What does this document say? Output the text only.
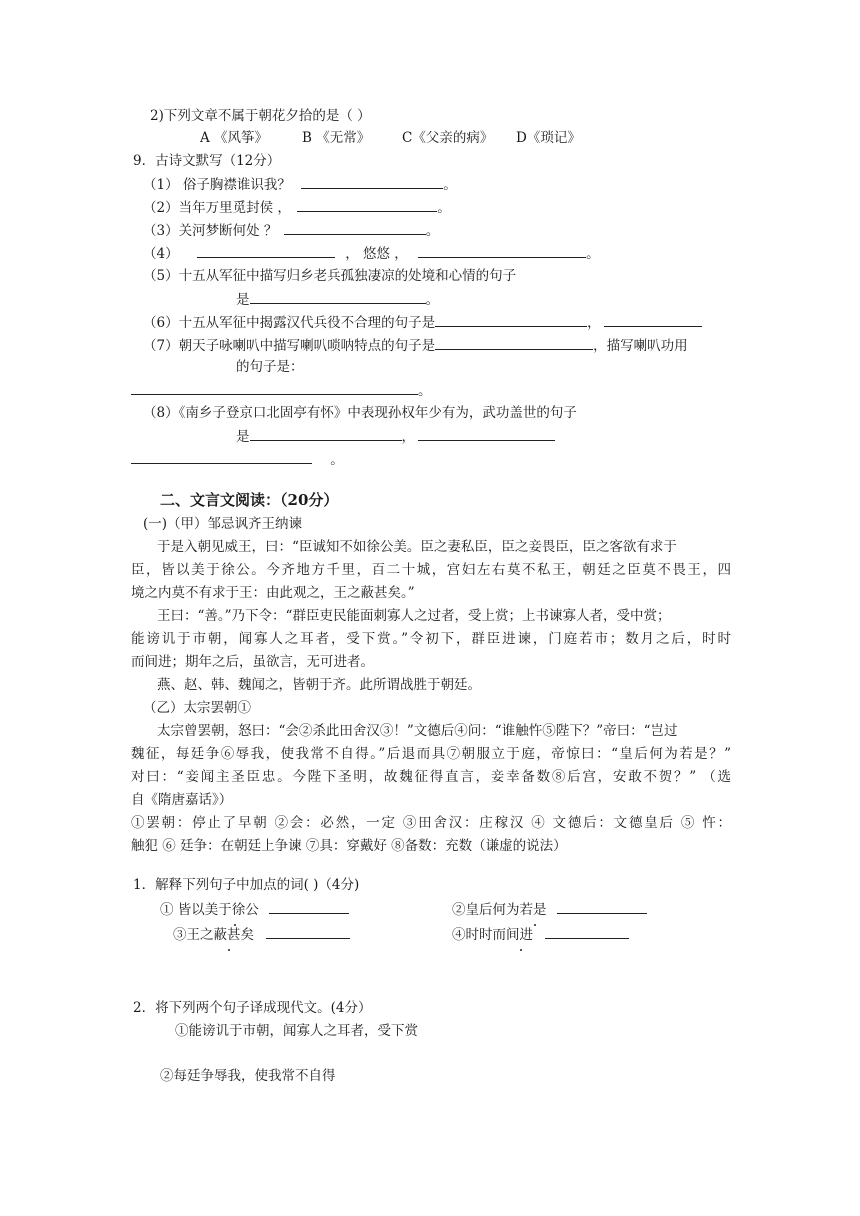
2)下列文章不属于朝花夕拾的是（ ）
A 《风筝》	B 《无常》 C《父亲的病》 D《琐记》
9．古诗文默写（12分）
（1） 俗子胸襟谁识我？	。
（2）当年万里觅封侯 ，	。
（3）关河梦断何处 ？	。
（4）	， 悠悠 ，	。
（5）十五从军征中描写归乡老兵孤独凄凉的处境和心情的句子
是	。
（6）十五从军征中揭露汉代兵役不合理的句子是	，
（7）朝天子咏喇叭中描写喇叭唢呐特点的句子是	，描写喇叭功用
的句子是：
。
（8）《南乡子登京口北固亭有怀》中表现孙权年少有为，武功盖世的句子
是	，
。
二、文言文阅读：（20分）
(一)（甲）邹忌讽齐王纳谏
于是入朝见威王，曰：“臣诚知不如徐公美。臣之妻私臣，臣之妾畏臣，臣之客欲有求于
臣，皆以美于徐公。今齐地方千里，百二十城，宫妇左右莫不私王，朝廷之臣莫不畏王，四
境之内莫不有求于王：由此观之，王之蔽甚矣。”
王曰：“善。”乃下令：“群臣吏民能面刺寡人之过者，受上赏；上书谏寡人者，受中赏；
能谤讥于市朝，闻寡人之耳者，受下赏。”令初下，群臣进谏，门庭若市；数月之后，时时
而间进；期年之后，虽欲言，无可进者。
燕、赵、韩、魏闻之，皆朝于齐。此所谓战胜于朝廷。
（乙）太宗罢朝①
太宗曾罢朝，怒曰：“会②杀此田舍汉③！”文德后④问：“谁触忤⑤陛下？”帝曰：“岂过
魏征，每廷争⑥辱我，使我常不自得。”后退而具⑦朝服立于庭，帝惊曰：“皇后何为若是？”
对曰：“妾闻主圣臣忠。今陛下圣明，故魏征得直言，妾幸备数⑧后宫，安敢不贺？” （选
自《隋唐嘉话》）
①罢朝：停止了早朝 ②会：必然，一定 ③田舍汉：庄稼汉 ④ 文德后：文德皇后 ⑤ 忤：
触犯 ⑥ 廷争：在朝廷上争谏 ⑦具：穿戴好 ⑧备数：充数（谦虚的说法）
1．解释下列句子中加点的词( )（4分)
① 皆以美于徐公	②皇后何为若是
③王之蔽甚矣	④时时而间进
2．将下列两个句子译成现代文。(4分）
①能谤讥于市朝，闻寡人之耳者，受下赏
②每廷争辱我，使我常不自得
